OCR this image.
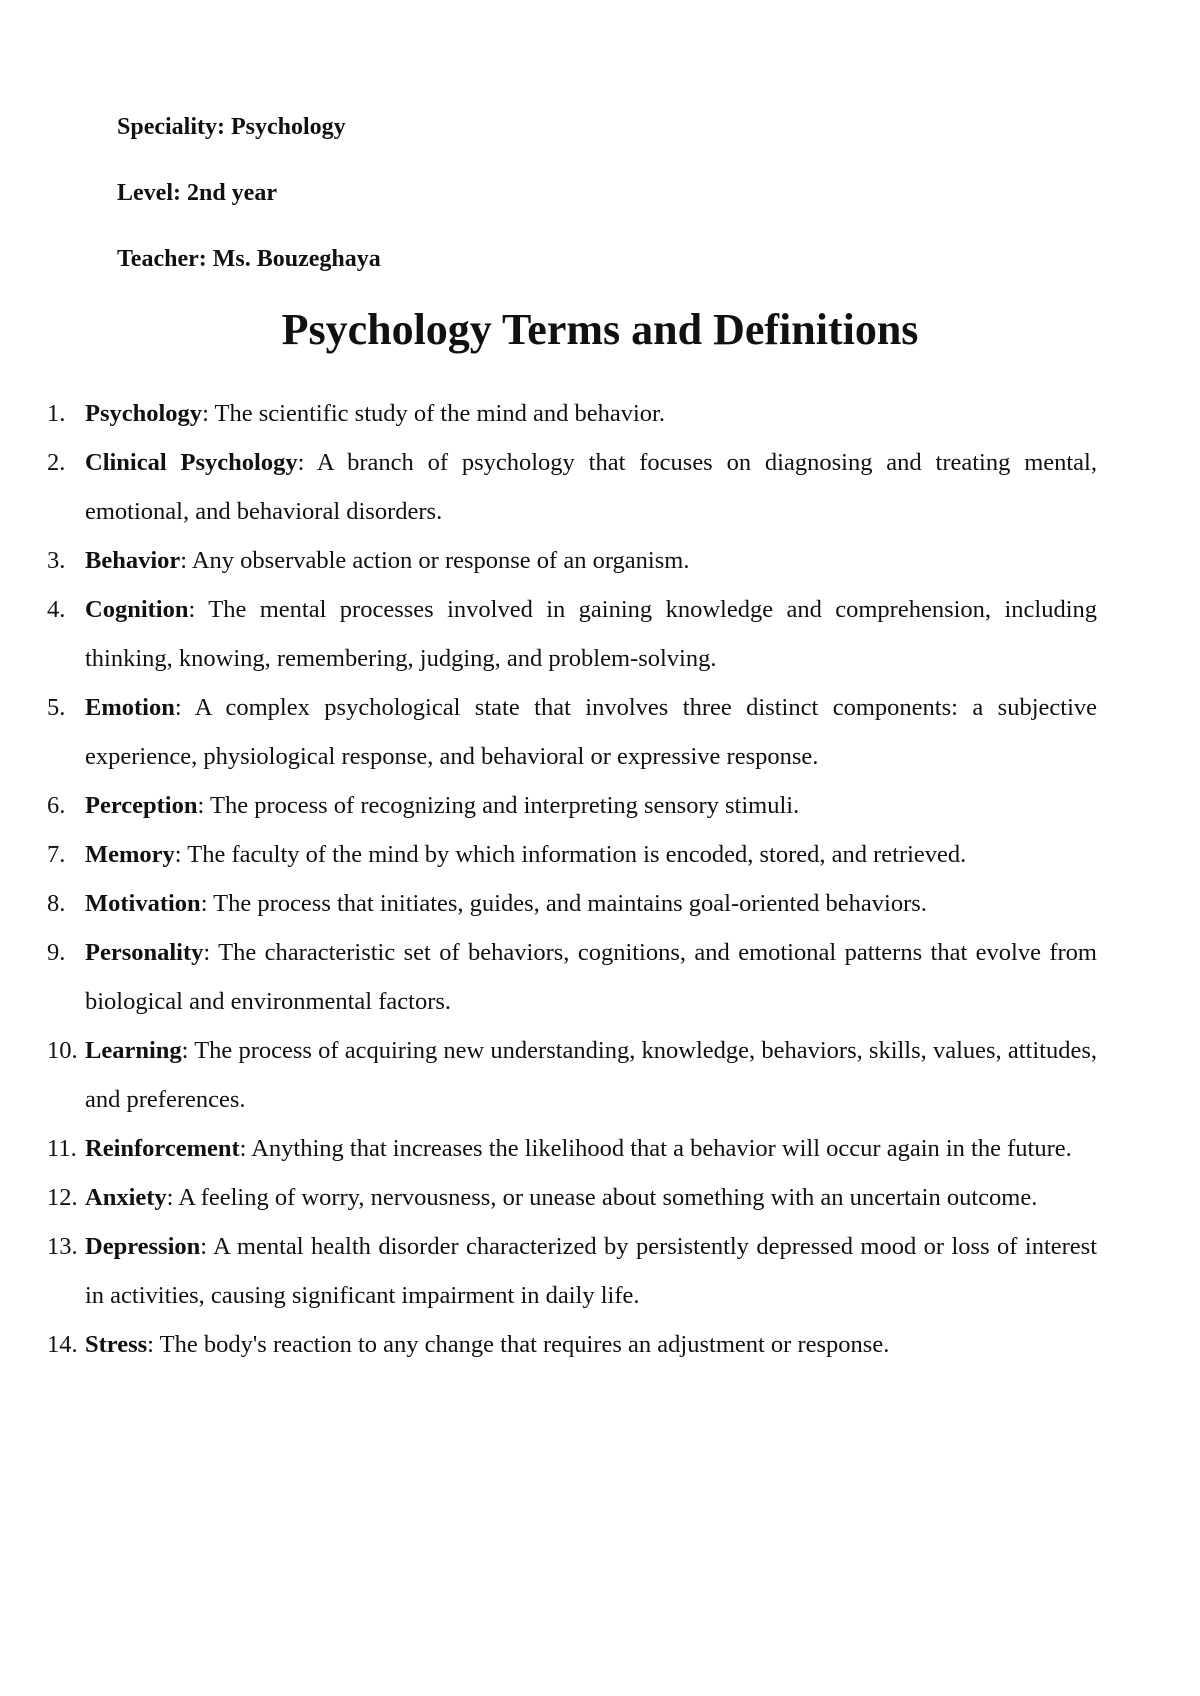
Speciality: Psychology

Level: 2nd year

Teacher: Ms. Bouzeghaya

Psychology Terms and Definitions
1. Psychology: The scientific study of the mind and behavior.
2. Clinical Psychology: A branch of psychology that focuses on diagnosing and treating mental, emotional, and behavioral disorders.
3. Behavior: Any observable action or response of an organism.
4. Cognition: The mental processes involved in gaining knowledge and comprehension, including thinking, knowing, remembering, judging, and problem-solving.
5. Emotion: A complex psychological state that involves three distinct components: a subjective experience, physiological response, and behavioral or expressive response.
6. Perception: The process of recognizing and interpreting sensory stimuli.
7. Memory: The faculty of the mind by which information is encoded, stored, and retrieved.
8. Motivation: The process that initiates, guides, and maintains goal-oriented behaviors.
9. Personality: The characteristic set of behaviors, cognitions, and emotional patterns that evolve from biological and environmental factors.
10. Learning: The process of acquiring new understanding, knowledge, behaviors, skills, values, attitudes, and preferences.
11. Reinforcement: Anything that increases the likelihood that a behavior will occur again in the future.
12. Anxiety: A feeling of worry, nervousness, or unease about something with an uncertain outcome.
13. Depression: A mental health disorder characterized by persistently depressed mood or loss of interest in activities, causing significant impairment in daily life.
14. Stress: The body's reaction to any change that requires an adjustment or response.
